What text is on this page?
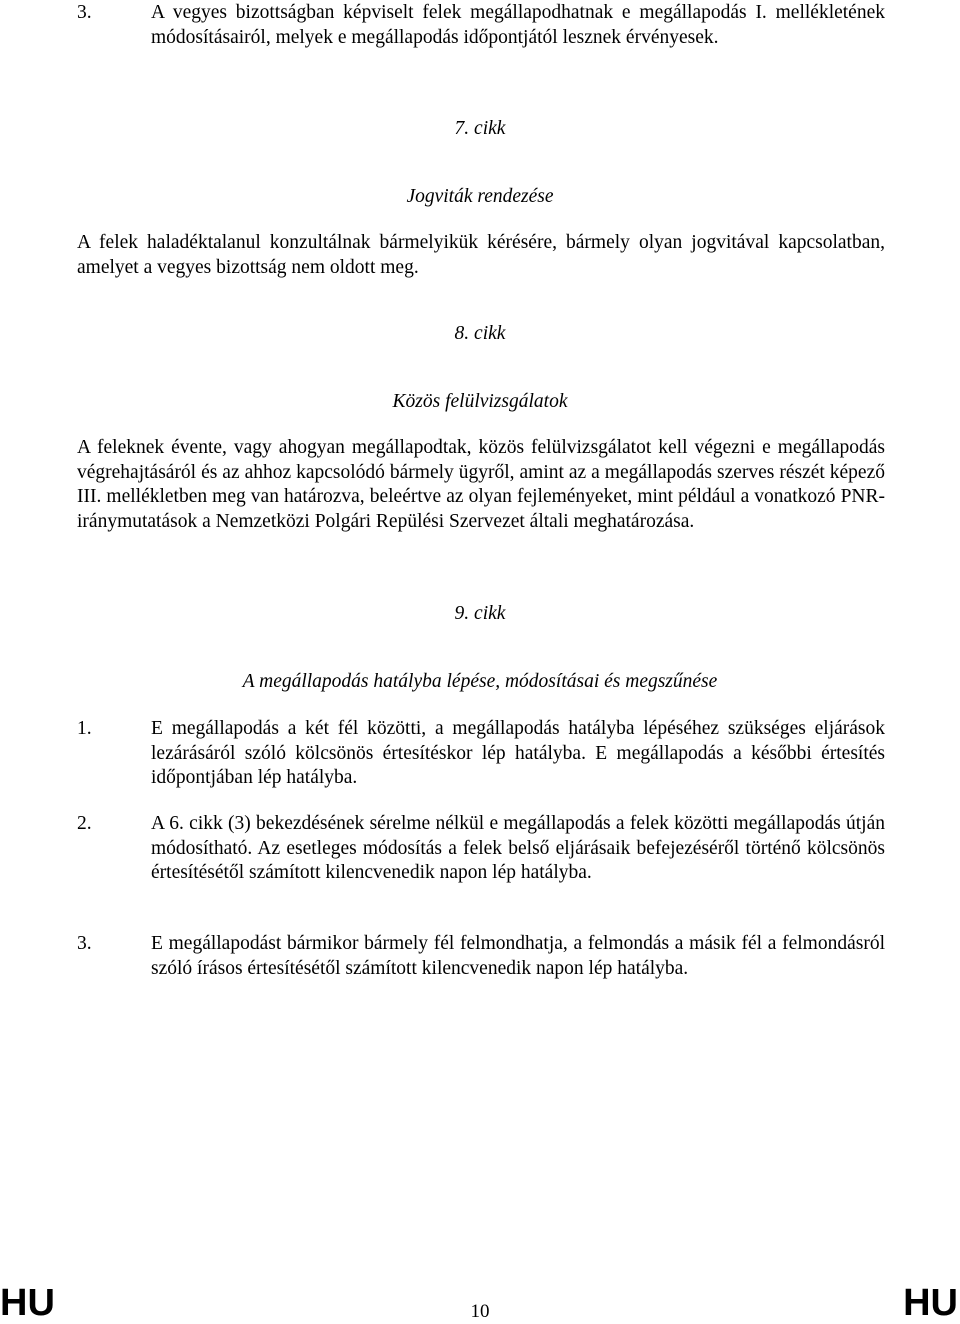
3.	A vegyes bizottságban képviselt felek megállapodhatnak e megállapodás I. mellékletének módosításairól, melyek e megállapodás időpontjától lesznek érvényesek.
7. cikk
Jogviták rendezése
A felek haladéktalanul konzultálnak bármelyikük kérésére, bármely olyan jogvitával kapcsolatban, amelyet a vegyes bizottság nem oldott meg.
8. cikk
Közös felülvizsgálatok
A feleknek évente, vagy ahogyan megállapodtak, közös felülvizsgálatot kell végezni e megállapodás végrehajtásáról és az ahhoz kapcsolódó bármely ügyről, amint az a megállapodás szerves részét képező III. mellékletben meg van határozva, beleértve az olyan fejleményeket, mint például a vonatkozó PNR-iránymutatások a Nemzetközi Polgári Repülési Szervezet általi meghatározása.
9. cikk
A megállapodás hatályba lépése, módosításai és megszűnése
1.	E megállapodás a két fél közötti, a megállapodás hatályba lépéséhez szükséges eljárások lezárásáról szóló kölcsönös értesítéskor lép hatályba. E megállapodás a későbbi értesítés időpontjában lép hatályba.
2.	A 6. cikk (3) bekezdésének sérelme nélkül e megállapodás a felek közötti megállapodás útján módosítható. Az esetleges módosítás a felek belső eljárásaik befejezéséről történő kölcsönös értesítésétől számított kilencvenedik napon lép hatályba.
3.	E megállapodást bármikor bármely fél felmondhatja, a felmondás a másik fél a felmondásról szóló írásos értesítésétől számított kilencvenedik napon lép hatályba.
HU	10	HU
